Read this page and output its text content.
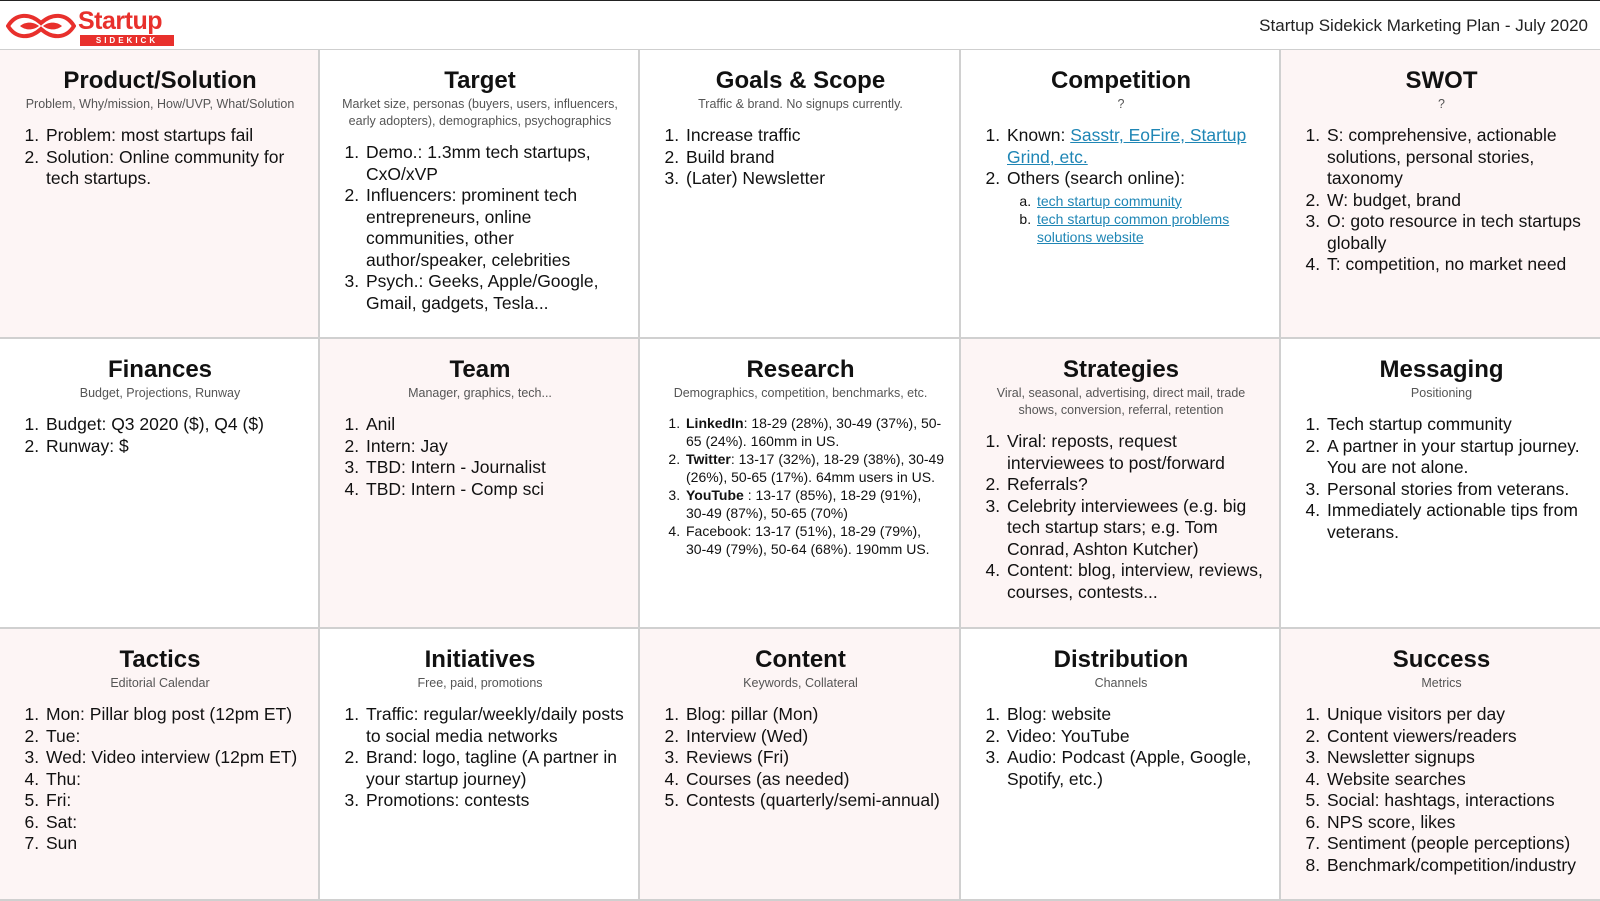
Startup
SIDEKICK
Startup Sidekick Marketing Plan - July 2020
Product/Solution
Problem, Why/mission, How/UVP, What/Solution
1. Problem: most startups fail
2. Solution: Online community for tech startups.
Target
Market size, personas (buyers, users, influencers, early adopters), demographics, psychographics
1. Demo.: 1.3mm tech startups, CxO/xVP
2. Influencers: prominent tech entrepreneurs, online communities, other author/speaker, celebrities
3. Psych.: Geeks, Apple/Google, Gmail, gadgets, Tesla...
Goals & Scope
Traffic & brand. No signups currently.
1. Increase traffic
2. Build brand
3. (Later) Newsletter
Competition
?
1. Known: Sasstr, EoFire, Startup Grind, etc.
2. Others (search online):
a. tech startup community
b. tech startup common problems solutions website
SWOT
?
1. S: comprehensive, actionable solutions, personal stories, taxonomy
2. W: budget, brand
3. O: goto resource in tech startups globally
4. T: competition, no market need
Finances
Budget, Projections, Runway
1. Budget: Q3 2020 ($), Q4 ($)
2. Runway: $
Team
Manager, graphics, tech...
1. Anil
2. Intern: Jay
3. TBD: Intern - Journalist
4. TBD: Intern - Comp sci
Research
Demographics, competition, benchmarks, etc.
1. LinkedIn: 18-29 (28%), 30-49 (37%), 50-65 (24%). 160mm in US.
2. Twitter: 13-17 (32%), 18-29 (38%), 30-49 (26%), 50-65 (17%). 64mm users in US.
3. YouTube : 13-17 (85%), 18-29 (91%), 30-49 (87%), 50-65 (70%)
4. Facebook: 13-17 (51%), 18-29 (79%), 30-49 (79%), 50-64 (68%). 190mm US.
Strategies
Viral, seasonal, advertising, direct mail, trade shows, conversion, referral, retention
1. Viral: reposts, request interviewees to post/forward
2. Referrals?
3. Celebrity interviewees (e.g. big tech startup stars; e.g. Tom Conrad, Ashton Kutcher)
4. Content: blog, interview, reviews, courses, contests...
Messaging
Positioning
1. Tech startup community
2. A partner in your startup journey. You are not alone.
3. Personal stories from veterans.
4. Immediately actionable tips from veterans.
Tactics
Editorial Calendar
1. Mon: Pillar blog post (12pm ET)
2. Tue:
3. Wed: Video interview (12pm ET)
4. Thu:
5. Fri:
6. Sat:
7. Sun
Initiatives
Free, paid, promotions
1. Traffic: regular/weekly/daily posts to social media networks
2. Brand: logo, tagline (A partner in your startup journey)
3. Promotions: contests
Content
Keywords, Collateral
1. Blog: pillar (Mon)
2. Interview (Wed)
3. Reviews (Fri)
4. Courses (as needed)
5. Contests (quarterly/semi-annual)
Distribution
Channels
1. Blog: website
2. Video: YouTube
3. Audio: Podcast (Apple, Google, Spotify, etc.)
Success
Metrics
1. Unique visitors per day
2. Content viewers/readers
3. Newsletter signups
4. Website searches
5. Social: hashtags, interactions
6. NPS score, likes
7. Sentiment (people perceptions)
8. Benchmark/competition/industry
